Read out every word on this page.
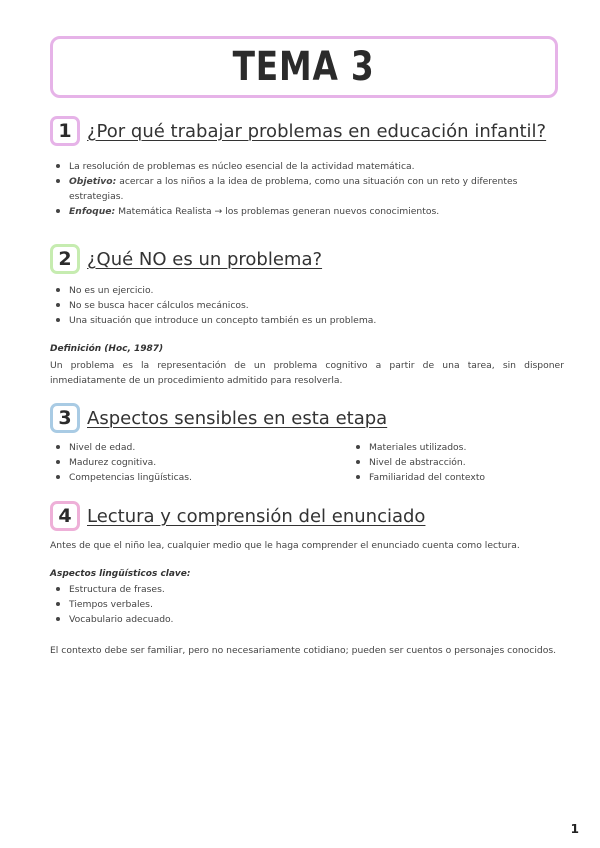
TEMA 3
1 ¿Por qué trabajar problemas en educación infantil?
La resolución de problemas es núcleo esencial de la actividad matemática.
Objetivo: acercar a los niños a la idea de problema, como una situación con un reto y diferentes estrategias.
Enfoque: Matemática Realista → los problemas generan nuevos conocimientos.
2 ¿Qué NO es un problema?
No es un ejercicio.
No se busca hacer cálculos mecánicos.
Una situación que introduce un concepto también es un problema.
Definición (Hoc, 1987)
Un problema es la representación de un problema cognitivo a partir de una tarea, sin disponer inmediatamente de un procedimiento admitido para resolverla.
3 Aspectos sensibles en esta etapa
Nivel de edad.
Madurez cognitiva.
Competencias lingüísticas.
Materiales utilizados.
Nivel de abstracción.
Familiaridad del contexto
4 Lectura y comprensión del enunciado
Antes de que el niño lea, cualquier medio que le haga comprender el enunciado cuenta como lectura.
Aspectos lingüísticos clave:
Estructura de frases.
Tiempos verbales.
Vocabulario adecuado.
El contexto debe ser familiar, pero no necesariamente cotidiano; pueden ser cuentos o personajes conocidos.
1
